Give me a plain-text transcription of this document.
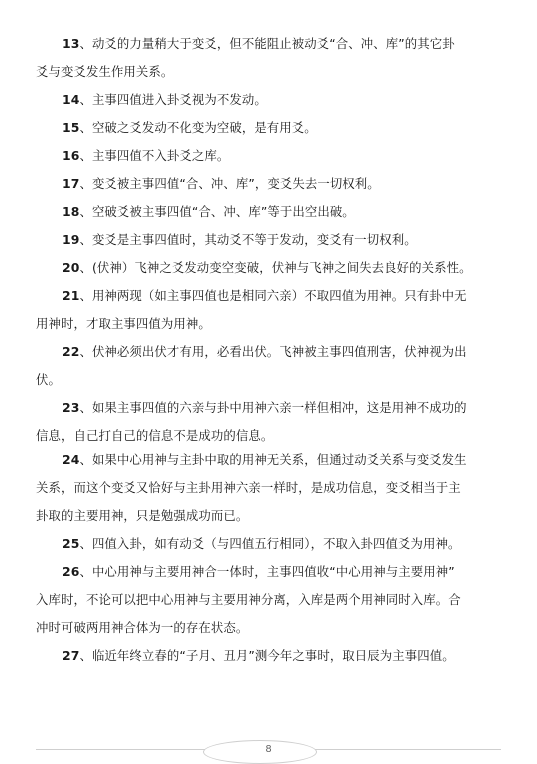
13、动爻的力量稍大于变爻，但不能阻止被动爻“合、冲、库”的其它卦
爻与变爻发生作用关系。
14、主事四值进入卦爻视为不发动。
15、空破之爻发动不化变为空破，是有用爻。
16、主事四值不入卦爻之库。
17、变爻被主事四值“合、冲、库”，变爻失去一切权利。
18、空破爻被主事四值“合、冲、库”等于出空出破。
19、变爻是主事四值时，其动爻不等于发动，变爻有一切权利。
20、(伏神）飞神之爻发动变空变破，伏神与飞神之间失去良好的关系性。
21、用神两现（如主事四值也是相同六亲）不取四值为用神。只有卦中无
用神时，才取主事四值为用神。
22、伏神必须出伏才有用，必看出伏。飞神被主事四值刑害，伏神视为出
伏。
23、如果主事四值的六亲与卦中用神六亲一样但相冲，这是用神不成功的
信息，自己打自己的信息不是成功的信息。
24、如果中心用神与主卦中取的用神无关系，但通过动爻关系与变爻发生
关系，而这个变爻又恰好与主卦用神六亲一样时，是成功信息，变爻相当于主
卦取的主要用神，只是勉强成功而已。
25、四值入卦，如有动爻（与四值五行相同），不取入卦四值爻为用神。
26、中心用神与主要用神合一体时，主事四值收“中心用神与主要用神”
入库时，不论可以把中心用神与主要用神分离，入库是两个用神同时入库。合
冲时可破两用神合体为一的存在状态。
27、临近年终立春的“子月、丑月”测今年之事时，取日辰为主事四值。
8
